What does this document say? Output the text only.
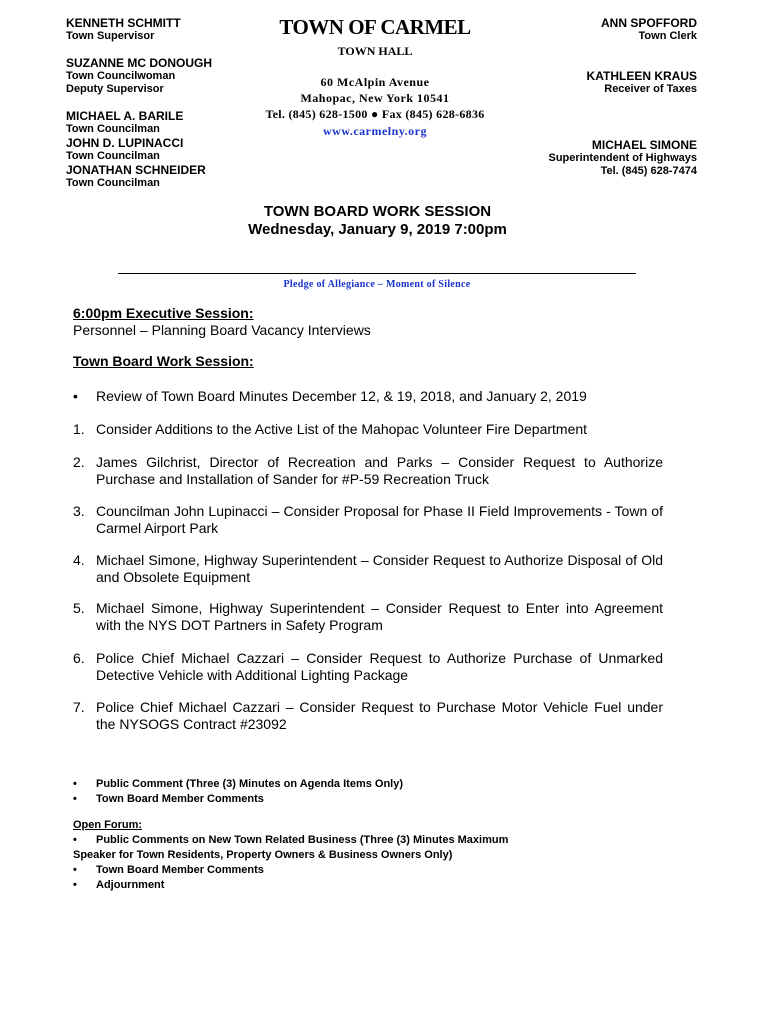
KENNETH SCHMITT
Town Supervisor
SUZANNE MC DONOUGH
Town Councilwoman
Deputy Supervisor
MICHAEL A. BARILE
Town Councilman
JOHN D. LUPINACCI
Town Councilman
JONATHAN SCHNEIDER
Town Councilman
TOWN OF CARMEL
TOWN HALL
60 McAlpin Avenue
Mahopac, New York 10541
Tel. (845) 628-1500 ● Fax (845) 628-6836
www.carmelny.org
ANN SPOFFORD
Town Clerk
KATHLEEN KRAUS
Receiver of Taxes
MICHAEL SIMONE
Superintendent of Highways
Tel. (845) 628-7474
TOWN BOARD WORK SESSION
Wednesday, January 9, 2019 7:00pm
Pledge of Allegiance – Moment of Silence
6:00pm Executive Session:
Personnel – Planning Board Vacancy Interviews
Town Board Work Session:
•	Review of Town Board Minutes December 12, & 19, 2018, and January 2, 2019
1. Consider Additions to the Active List of the Mahopac Volunteer Fire Department
2. James Gilchrist, Director of Recreation and Parks – Consider Request to Authorize Purchase and Installation of Sander for #P-59 Recreation Truck
3. Councilman John Lupinacci – Consider Proposal for Phase II Field Improvements - Town of Carmel Airport Park
4. Michael Simone, Highway Superintendent – Consider Request to Authorize Disposal of Old and Obsolete Equipment
5. Michael Simone, Highway Superintendent – Consider Request to Enter into Agreement with the NYS DOT Partners in Safety Program
6. Police Chief Michael Cazzari – Consider Request to Authorize Purchase of Unmarked Detective Vehicle with Additional Lighting Package
7. Police Chief Michael Cazzari – Consider Request to Purchase Motor Vehicle Fuel under the NYSOGS Contract #23092
•	Public Comment (Three (3) Minutes on Agenda Items Only)
•	Town Board Member Comments
Open Forum:
•	Public Comments on New Town Related Business (Three (3) Minutes Maximum
Speaker for Town Residents, Property Owners & Business Owners Only)
•	Town Board Member Comments
•	Adjournment
